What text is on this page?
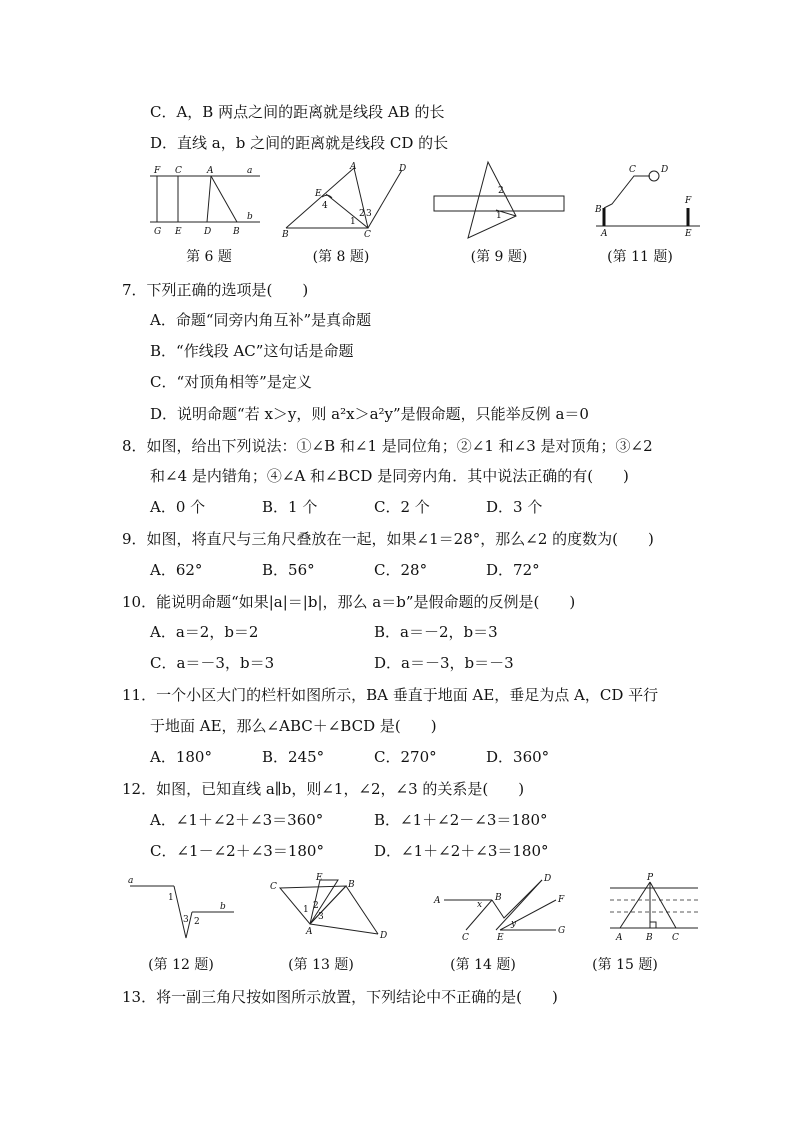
C．A，B 两点之间的距离就是线段 AB 的长
D．直线 a，b 之间的距离就是线段 CD 的长
F C	A	a
G E D B
b
A	D
E
4
1
2 3
B	C
2
1
C	D
B
A
F
E
第 6 题	(第 8 题)	(第 9 题)	(第 11 题)
7．下列正确的选项是(　　)
A．命题“同旁内角互补”是真命题
B．“作线段 AC”这句话是命题
C．“对顶角相等”是定义
D．说明命题“若 x＞y，则 a²x＞a²y”是假命题，只能举反例 a＝0
8．如图，给出下列说法：①∠B 和∠1 是同位角；②∠1 和∠3 是对顶角；③∠2
和∠4 是内错角；④∠A 和∠BCD 是同旁内角．其中说法正确的有(　　)
A．0 个	B．1 个	C．2 个	D．3 个
9．如图，将直尺与三角尺叠放在一起，如果∠1＝28°，那么∠2 的度数为(　　)
A．62°	B．56°	C．28°	D．72°
10．能说明命题“如果|a|＝|b|，那么 a＝b”是假命题的反例是(　　)
A．a＝2，b＝2	B．a＝－2，b＝3
C．a＝－3，b＝3	D．a＝－3，b＝－3
11．一个小区大门的栏杆如图所示，BA 垂直于地面 AE，垂足为点 A，CD 平行
于地面 AE，那么∠ABC＋∠BCD 是(　　)
A．180°	B．245°	C．270°	D．360°
12．如图，已知直线 a∥b，则∠1，∠2，∠3 的关系是(　　)
A．∠1＋∠2＋∠3＝360°	B．∠1＋∠2－∠3＝180°
C．∠1－∠2＋∠3＝180°	D．∠1＋∠2＋∠3＝180°
a
1
3 2
b
C
E
B
1 2
3
A	D
A	B
x
C
D
F
y
E
G
P
A	B C
(第 12 题)	(第 13 题)	(第 14 题)	(第 15 题)
13．将一副三角尺按如图所示放置，下列结论中不正确的是(　　)
